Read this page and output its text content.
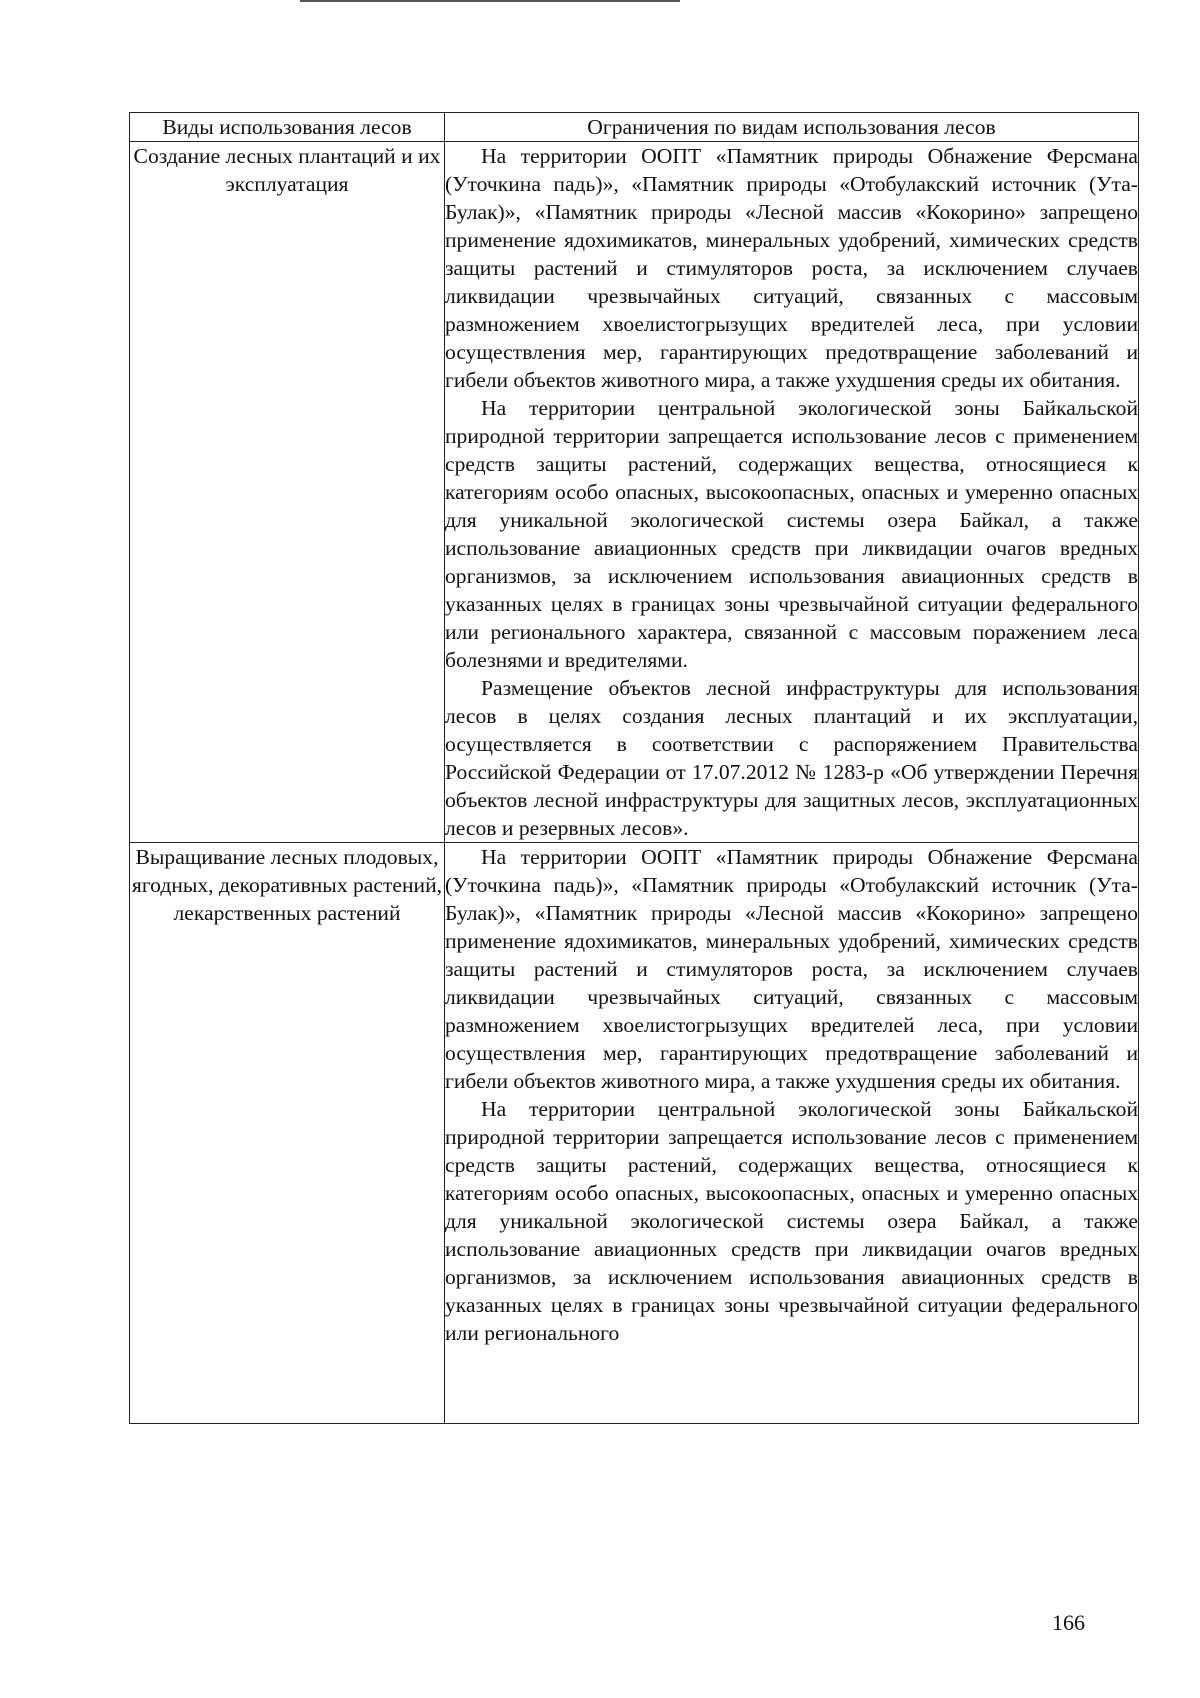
Виды использования лесов	Ограничения по видам использования лесов
Создание лесных плантаций и их эксплуатация	На территории ООПТ «Памятник природы Обнажение Ферсмана (Уточкина падь)», «Памятник природы «Отобулакский источник (Ута-Булак)», «Памятник природы «Лесной массив «Кокорино» запрещено применение ядохимикатов, минеральных удобрений, химических средств защиты растений и стимуляторов роста, за исключением случаев ликвидации чрезвычайных ситуаций, связанных с массовым размножением хвоелистогрызущих вредителей леса, при условии осуществления мер, гарантирующих предотвращение заболеваний и гибели объектов животного мира, а также ухудшения среды их обитания.

На территории центральной экологической зоны Байкальской природной территории запрещается использование лесов с применением средств защиты растений, содержащих вещества, относящиеся к категориям особо опасных, высокоопасных, опасных и умеренно опасных для уникальной экологической системы озера Байкал, а также использование авиационных средств при ликвидации очагов вредных организмов, за исключением использования авиационных средств в указанных целях в границах зоны чрезвычайной ситуации федерального или регионального характера, связанной с массовым поражением леса болезнями и вредителями.

Размещение объектов лесной инфраструктуры для использования лесов в целях создания лесных плантаций и их эксплуатации, осуществляется в соответствии с распоряжением Правительства Российской Федерации от 17.07.2012 № 1283-р «Об утверждении Перечня объектов лесной инфраструктуры для защитных лесов, эксплуатационных лесов и резервных лесов».

Выращивание лесных плодовых, ягодных, декоративных растений, лекарственных растений	На территории ООПТ «Памятник природы Обнажение Ферсмана (Уточкина падь)», «Памятник природы «Отобулакский источник (Ута-Булак)», «Памятник природы «Лесной массив «Кокорино» запрещено применение ядохимикатов, минеральных удобрений, химических средств защиты растений и стимуляторов роста, за исключением случаев ликвидации чрезвычайных ситуаций, связанных с массовым размножением хвоелистогрызущих вредителей леса, при условии осуществления мер, гарантирующих предотвращение заболеваний и гибели объектов животного мира, а также ухудшения среды их обитания.

На территории центральной экологической зоны Байкальской природной территории запрещается использование лесов с применением средств защиты растений, содержащих вещества, относящиеся к категориям особо опасных, высокоопасных, опасных и умеренно опасных для уникальной экологической системы озера Байкал, а также использование авиационных средств при ликвидации очагов вредных организмов, за исключением использования авиационных средств в указанных целях в границах зоны чрезвычайной ситуации федерального или регионального

166
